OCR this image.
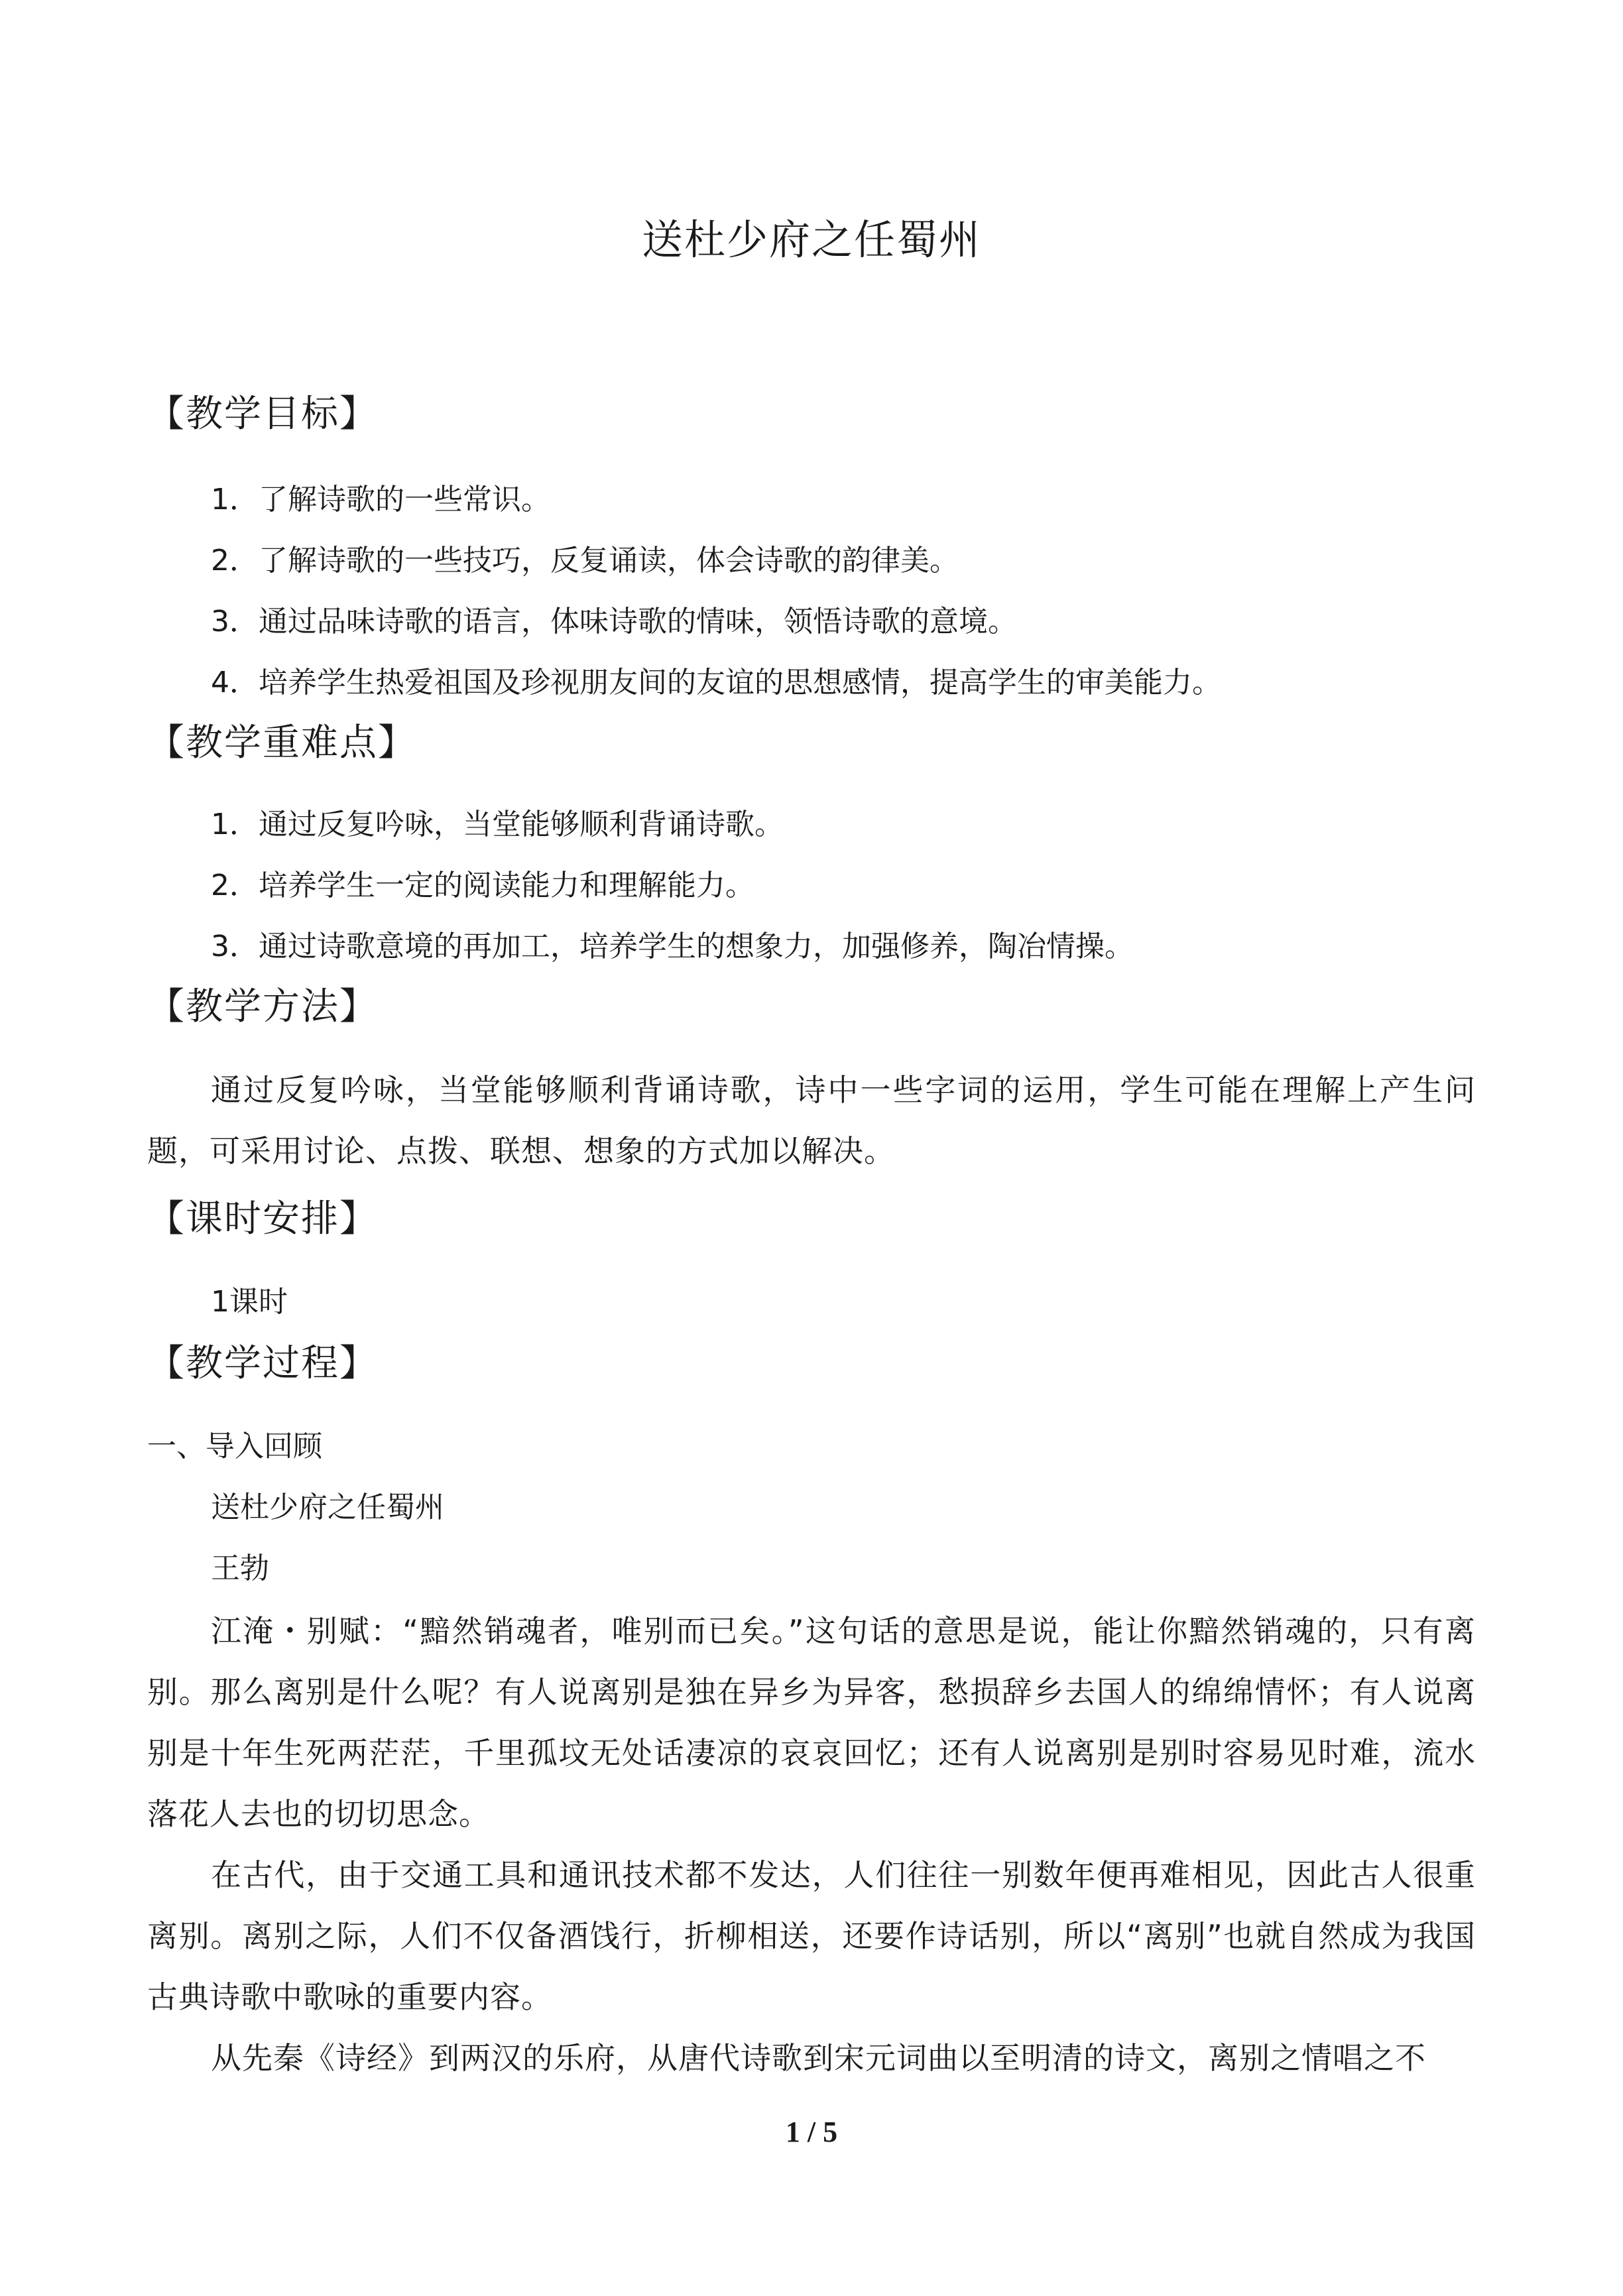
送杜少府之任蜀州
【教学目标】
1．了解诗歌的一些常识。
2．了解诗歌的一些技巧，反复诵读，体会诗歌的韵律美。
3．通过品味诗歌的语言，体味诗歌的情味，领悟诗歌的意境。
4．培养学生热爱祖国及珍视朋友间的友谊的思想感情，提高学生的审美能力。
【教学重难点】
1．通过反复吟咏，当堂能够顺利背诵诗歌。
2．培养学生一定的阅读能力和理解能力。
3．通过诗歌意境的再加工，培养学生的想象力，加强修养，陶冶情操。
【教学方法】
通过反复吟咏，当堂能够顺利背诵诗歌，诗中一些字词的运用，学生可能在理解上产生问题，可采用讨论、点拨、联想、想象的方式加以解决。
【课时安排】
1课时
【教学过程】
一、导入回顾
送杜少府之任蜀州
王勃
江淹・别赋：“黯然销魂者，唯别而已矣。”这句话的意思是说，能让你黯然销魂的，只有离别。那么离别是什么呢？有人说离别是独在异乡为异客，愁损辞乡去国人的绵绵情怀；有人说离别是十年生死两茫茫，千里孤坟无处话凄凉的哀哀回忆；还有人说离别是别时容易见时难，流水落花人去也的切切思念。
在古代，由于交通工具和通讯技术都不发达，人们往往一别数年便再难相见，因此古人很重离别。离别之际，人们不仅备酒饯行，折柳相送，还要作诗话别，所以“离别”也就自然成为我国古典诗歌中歌咏的重要内容。
从先秦《诗经》到两汉的乐府，从唐代诗歌到宋元词曲以至明清的诗文，离别之情唱之不
1 / 5
